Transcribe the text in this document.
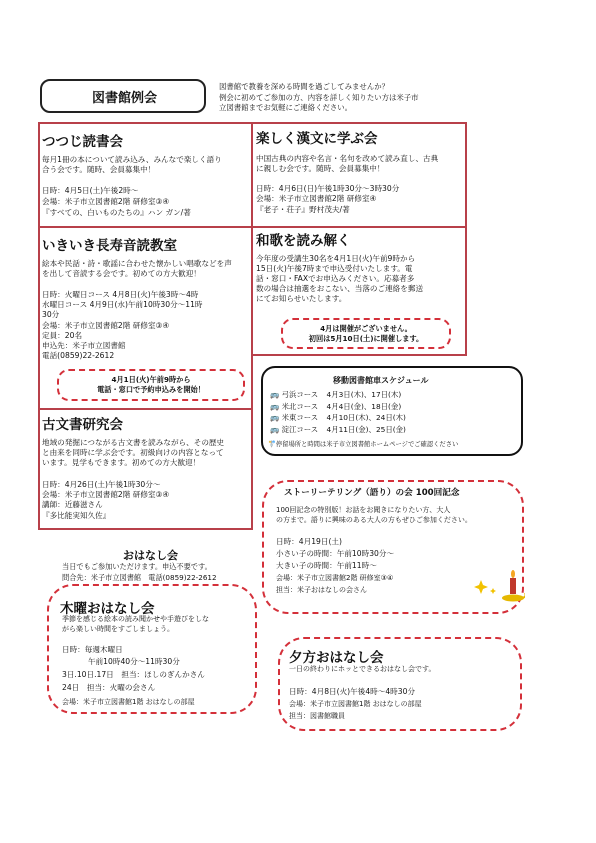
図書館例会
図書館で教養を深める時間を過ごしてみませんか？
例会に初めてご参加の方、内容を詳しく知りたい方は米子市
立図書館までお気軽にご連絡ください。
つつじ読書会
毎月1冊の本について読み込み、みんなで楽しく語り
合う会です。随時、会員募集中！
日時：4月5日(土)午後2時～
会場：米子市立図書館2階 研修室③④
『すべての、白いものたちの』ハン ガン/著
楽しく漢文に学ぶ会
中国古典の内容や名言・名句を改めて読み直し、古典
に親しむ会です。随時、会員募集中！
日時：4月6日(日)午後1時30分～3時30分
会場：米子市立図書館2階 研修室④
『老子・荘子』野村茂夫/著
いきいき長寿音読教室
絵本や民話・詩・歌謡に合わせた懐かしい唱歌などを声
を出して音読する会です。初めての方大歓迎！
日時：火曜日コース 4月8日(火)午後3時～4時
水曜日コース 4月9日(水)午前10時30分～11時
30分
会場：米子市立図書館2階 研修室③④
定員：20名
申込先：米子市立図書館
電話(0859)22-2612
4月1日(火)午前9時から
電話・窓口で予約申込みを開始！
和歌を読み解く
今年度の受講生30名を4月1日(火)午前9時から
15日(火)午後7時まで申込受付いたします。電
話・窓口・FAXでお申込みください。応募者多
数の場合は抽選をおこない、当落のご連絡を郵送
にてお知らせいたします。
4月は開催がございません。
初回は5月10日(土)に開催します。
移動図書館車スケジュール
🚌 弓浜コース 4月3日(木)、17日(木)
🚌 米北コース 4月4日(金)、18日(金)
🚌 米東コース 4月10日(木)、24日(木)
🚌 淀江コース 4月11日(金)、25日(金)
🚏停留場所と時間は米子市立図書館ホームページでご確認ください
古文書研究会
地域の発掘につながる古文書を読みながら、その歴史
と由来を同時に学ぶ会です。初級向けの内容となって
います。見学もできます。初めての方大歓迎！
日時：4月26日(土)午後1時30分～
会場：米子市立図書館2階 研修室③④
講師：近藤滋さん
『多比能実知久佐』
ストーリーテリング（語り）の会 100回記念
100回記念の特別版！お話をお聞きになりたい方、大人
の方まで。語りに興味のある大人の方もぜひご参加ください。
日時：4月19日(土)
小さい子の時間：午前10時30分～
大きい子の時間：午前11時～
会場：米子市立図書館2階 研修室③④
担当：米子おはなしの会さん
おはなし会
当日でもご参加いただけます。申込不要です。
問合先：米子市立図書館　電話(0859)22-2612
木曜おはなし会
季節を感じる絵本の読み聞かせや手遊びをしな
がら楽しい時間をすごしましょう。
日時：毎週木曜日
午前10時40分～11時30分
3日.10日.17日　担当：ほしのぎんかさん
24日　担当：火曜の会さん
会場：米子市立図書館1階 おはなしの部屋
夕方おはなし会
一日の終わりにホッとできるおはなし会です。
日時：4月8日(火)午後4時～4時30分
会場：米子市立図書館1階 おはなしの部屋
担当：図書館職員
